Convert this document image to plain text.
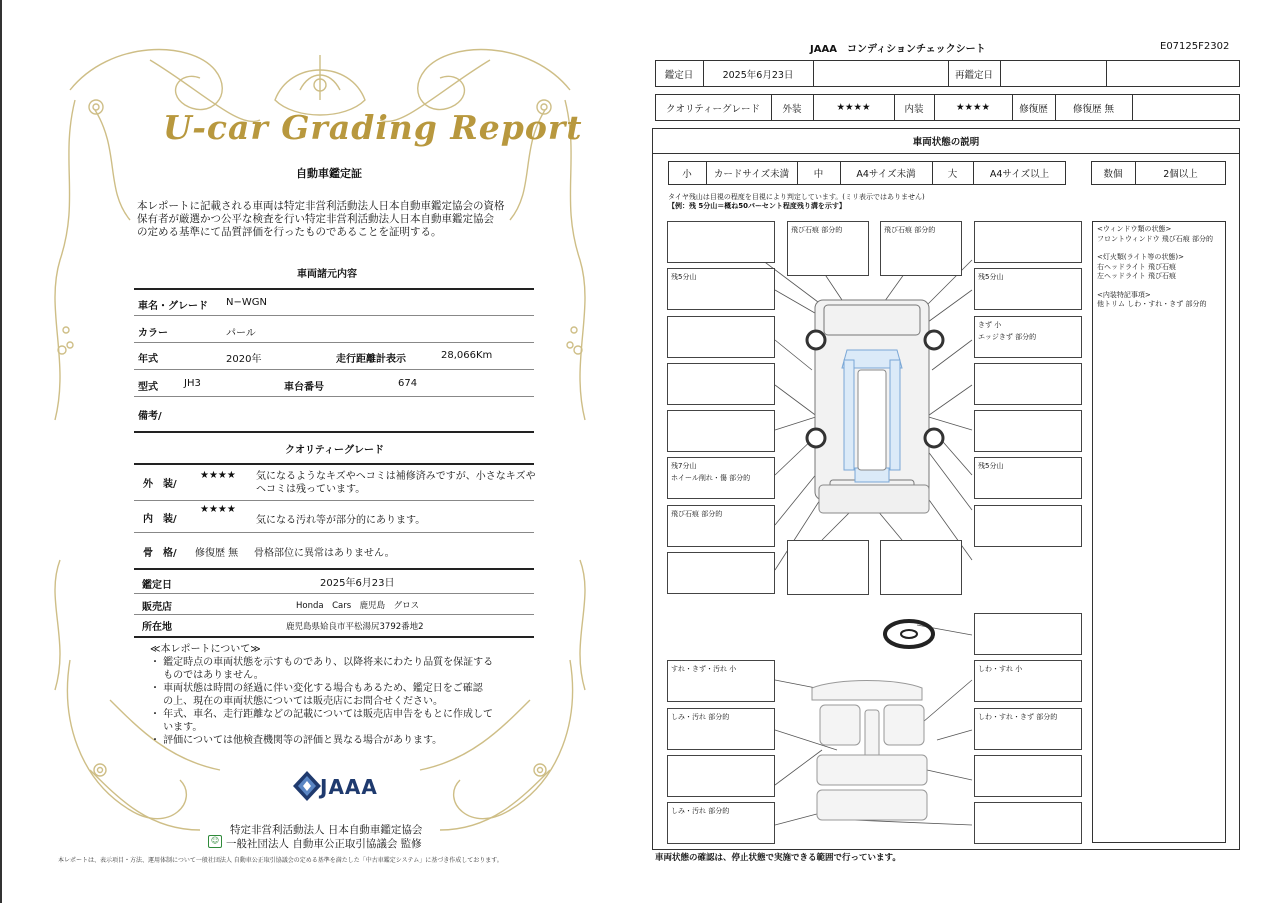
U-car Grading Report
自動車鑑定証
本レポートに記載される車両は特定非営利活動法人日本自動車鑑定協会の資格
保有者が厳選かつ公平な検査を行い特定非営利活動法人日本自動車鑑定協会
の定める基準にて品質評価を行ったものであることを証明する。
車両諸元内容
車名・グレード N−WGN
カラー	パール
年式	2020年	走行距離計表示	28,066Km
型式	JH3	車台番号	674
備考/
クオリティーグレード
外　装/
★★★★ 気になるようなキズやヘコミは補修済みですが、小さなキズや
ヘコミは残っています。
内　装/
★★★★
気になる汚れ等が部分的にあります。
骨　格/ 修復歴 無 骨格部位に異常はありません。
鑑定日	2025年6月23日
販売店	Honda　Cars　鹿児島　グロス
所在地	鹿児島県姶良市平松湯尻3792番地2

≪本レポートについて≫

・ 鑑定時点の車両状態を示すものであり、以降将来にわたり品質を保証する

　 ものではありません。

・ 車両状態は時間の経過に伴い変化する場合もあるため、鑑定日をご確認

　 の上、現在の車両状態については販売店にお問合せください。

・ 年式、車名、走行距離などの記載については販売店申告をもとに作成して

　 います。

・ 評価については他検査機関等の評価と異なる場合があります。

JAAA
特定非営利活動法人 日本自動車鑑定協会
☺ 一般社団法人 自動車公正取引協議会 監修
本レポートは、表示項目・方法、運用体制について一般社団法人 自動車公正取引協議会の定める基準を満たした「中古車鑑定システム」に基づき作成しております。
JAAA　コンディションチェックシート	E07125F2302
鑑定日	2025年6月23日	再鑑定日
クオリティーグレード	外装	★★★★	内装	★★★★	修復歴	修復歴 無
車両状態の説明
小	カードサイズ未満	中	A4サイズ未満	大	A4サイズ以上	数個	2個以上
タイヤ残山は目視の程度を目視により判定しています。(ミリ表示ではありません)
【例：残 5分山＝概ね50パーセント程度残り溝を示す】
飛び石痕 部分的	飛び石痕 部分的
残5分山	残5分山
きず 小
エッジきず 部分的
残7分山
ホイール削れ・傷 部分的
残5分山
飛び石痕 部分的
すれ・きず・汚れ 小	しわ・すれ 小
しみ・汚れ 部分的	しわ・すれ・きず 部分的
しみ・汚れ 部分的
<ウィンドウ類の状態>
フロントウィンドウ 飛び石痕 部分的
<灯火類(ライト等の状態)>
右ヘッドライト 飛び石痕
左ヘッドライト 飛び石痕
<内装特記事項>
他トリム しわ・すれ・きず 部分的
車両状態の確認は、停止状態で実施できる範囲で行っています。
